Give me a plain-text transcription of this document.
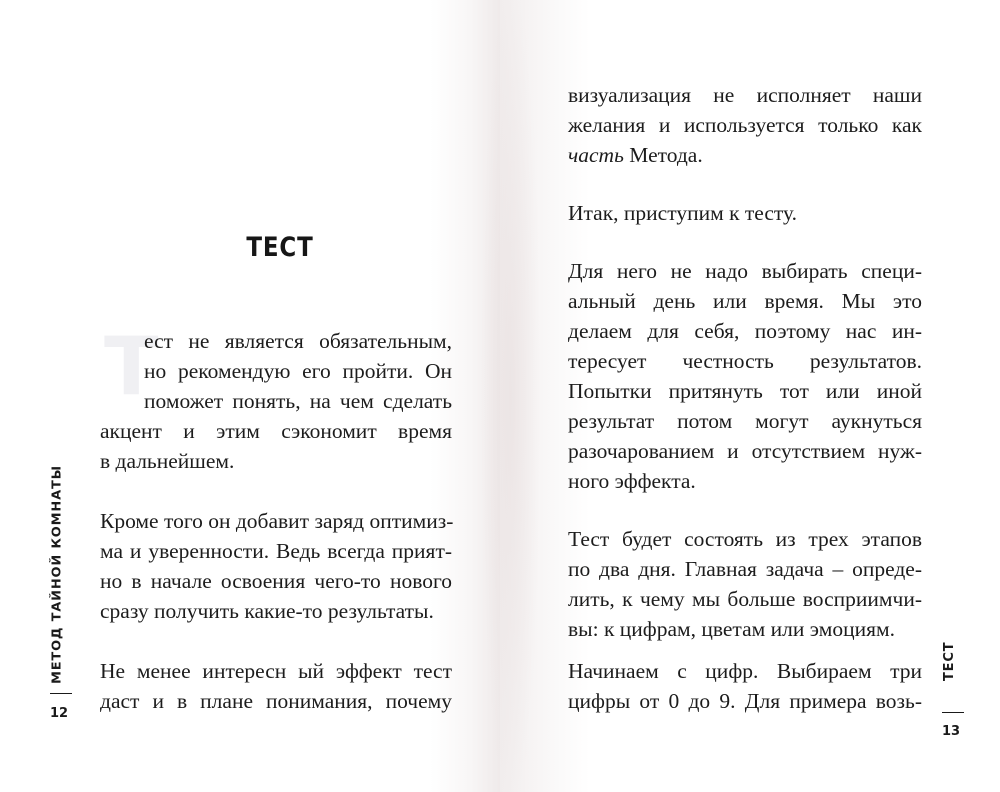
ТЕСТ
Т
ест не является обязательным,
но рекомендую его пройти. Он
поможет понять, на чем сделать
акцент и этим сэкономит время
в дальнейшем.
Кроме того он добавит заряд оптимиз-
ма и уверенности. Ведь всегда прият-
но в начале освоения чего-то нового
сразу получить какие-то результаты.
Не менее интересн ый эффект тест
даст и в плане понимания, почему
МЕТОД ТАЙНОЙ КОМНАТЫ
12
визуализация не исполняет наши
желания и используется только как
часть Метода.
Итак, приступим к тесту.
Для него не надо выбирать специ-
альный день или время. Мы это
делаем для себя, поэтому нас ин-
тересует честность результатов.
Попытки притянуть тот или иной
результат потом могут аукнуться
разочарованием и отсутствием нуж-
ного эффекта.
Тест будет состоять из трех этапов
по два дня. Главная задача – опреде-
лить, к чему мы больше восприимчи-
вы: к цифрам, цветам или эмоциям.
Начинаем с цифр. Выбираем три
цифры от 0 до 9. Для примера возь-
ТЕСТ
13
